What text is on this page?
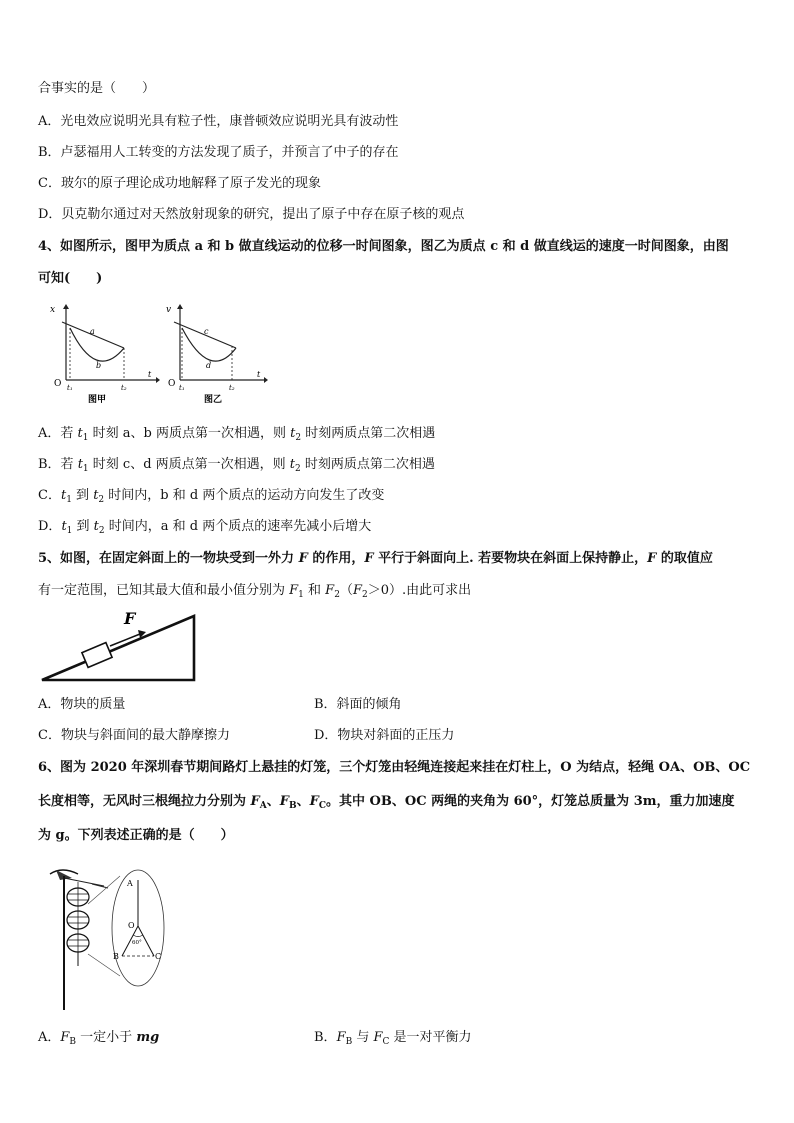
合事实的是（　　）
A．光电效应说明光具有粒子性，康普顿效应说明光具有波动性
B．卢瑟福用人工转变的方法发现了质子，并预言了中子的存在
C．玻尔的原子理论成功地解释了原子发光的现象
D．贝克勒尔通过对天然放射现象的研究，提出了原子中存在原子核的观点
4、如图所示，图甲为质点 a 和 b 做直线运动的位移一时间图象，图乙为质点 c 和 d 做直线运的速度一时间图象，由图
可知(　　)
x
O t₁	t₂
t
a
b
图甲
v
O t₁	t₂
t
c
d
图乙
A．若 $t_1$ 时刻 a、b 两质点第一次相遇，则 $t_2$ 时刻两质点第二次相遇
B．若 $t_1$ 时刻 c、d 两质点第一次相遇，则 $t_2$ 时刻两质点第二次相遇
C．$t_1$ 到 $t_2$ 时间内，b 和 d 两个质点的运动方向发生了改变
D．$t_1$ 到 $t_2$ 时间内，a 和 d 两个质点的速率先减小后增大
5、如图，在固定斜面上的一物块受到一外力 F 的作用，F 平行于斜面向上. 若要物块在斜面上保持静止，F 的取值应
有一定范围，已知其最大值和最小值分别为 $F_1$ 和 $F_2(F_2>0)$.由此可求出
F
A．物块的质量	B．斜面的倾角
C．物块与斜面间的最大静摩擦力	D．物块对斜面的正压力
6、图为 2020 年深圳春节期间路灯上悬挂的灯笼，三个灯笼由轻绳连接起来挂在灯柱上，O 为结点，轻绳 OA、OB、OC
长度相等，无风时三根绳拉力分别为 $F_A$、$F_B$、$F_C$。其中 OB、OC 两绳的夹角为 60°，灯笼总质量为 3m，重力加速度
为 g。下列表述正确的是（　　）
A
O
60°
B	C
A．$F_B$ 一定小于 mg	B．$F_B$ 与 $F_C$ 是一对平衡力
